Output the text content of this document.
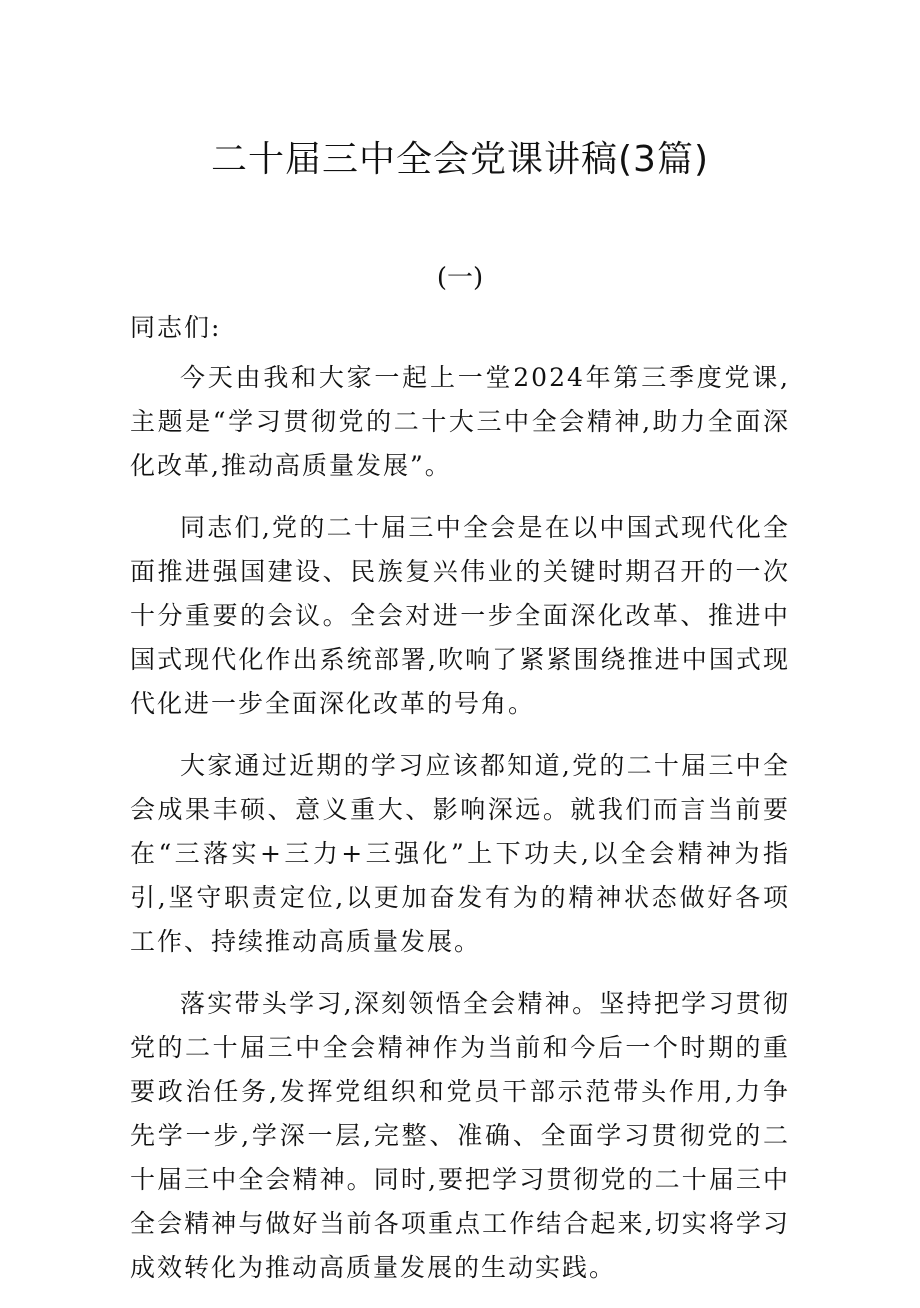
二十届三中全会党课讲稿(3篇)
(一)

同志们:

今天由我和大家一起上一堂2024年第三季度党课,主题是“学习贯彻党的二十大三中全会精神,助力全面深化改革,推动高质量发展”。

同志们,党的二十届三中全会是在以中国式现代化全面推进强国建设、民族复兴伟业的关键时期召开的一次十分重要的会议。全会对进一步全面深化改革、推进中国式现代化作出系统部署,吹响了紧紧围绕推进中国式现代化进一步全面深化改革的号角。

大家通过近期的学习应该都知道,党的二十届三中全会成果丰硕、意义重大、影响深远。就我们而言当前要在“三落实+三力+三强化”上下功夫,以全会精神为指引,坚守职责定位,以更加奋发有为的精神状态做好各项工作、持续推动高质量发展。

落实带头学习,深刻领悟全会精神。坚持把学习贯彻党的二十届三中全会精神作为当前和今后一个时期的重要政治任务,发挥党组织和党员干部示范带头作用,力争先学一步,学深一层,完整、准确、全面学习贯彻党的二十届三中全会精神。同时,要把学习贯彻党的二十届三中全会精神与做好当前各项重点工作结合起来,切实将学习成效转化为推动高质量发展的生动实践。
